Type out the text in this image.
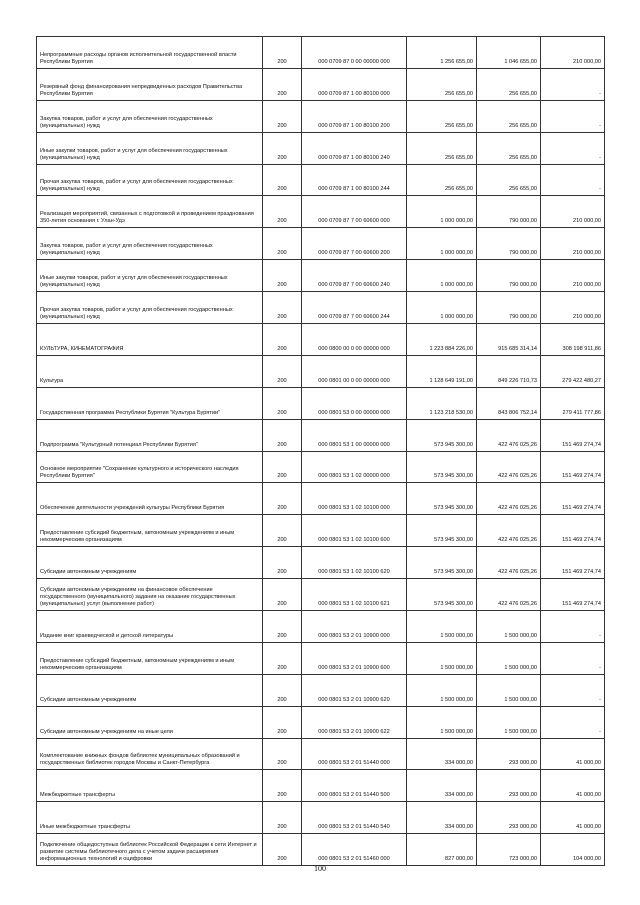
Непрограммные расходы органов исполнительной государственной власти Республики Бурятия	200	000 0709 87 0 00 00000 000	1 256 655,00	1 046 655,00	210 000,00
Резервный фонд финансирования непредвиденных расходов Правительства Республики Бурятия	200	000 0709 87 1 00 80100 000	256 655,00	256 655,00	-
Закупка товаров, работ и услуг для обеспечения государственных (муниципальных) нужд	200	000 0709 87 1 00 80100 200	256 655,00	256 655,00	-
Иные закупки товаров, работ и услуг для обеспечения государственных (муниципальных) нужд	200	000 0709 87 1 00 80100 240	256 655,00	256 655,00	-
Прочая закупка товаров, работ и услуг для обеспечения государственных (муниципальных) нужд	200	000 0709 87 1 00 80100 244	256 655,00	256 655,00	-
Реализация мероприятий, связанных с подготовкой и проведением празднования 350-летия основания г. Улан-Удэ	200	000 0709 87 7 00 60600 000	1 000 000,00	790 000,00	210 000,00
Закупка товаров, работ и услуг для обеспечения государственных (муниципальных) нужд	200	000 0709 87 7 00 60600 200	1 000 000,00	790 000,00	210 000,00
Иные закупки товаров, работ и услуг для обеспечения государственных (муниципальных) нужд	200	000 0709 87 7 00 60600 240	1 000 000,00	790 000,00	210 000,00
Прочая закупка товаров, работ и услуг для обеспечения государственных (муниципальных) нужд	200	000 0709 87 7 00 60600 244	1 000 000,00	790 000,00	210 000,00
КУЛЬТУРА, КИНЕМАТОГРАФИЯ	200	000 0800 00 0 00 00000 000	1 223 884 226,00	915 685 314,14	308 198 911,86
Культура	200	000 0801 00 0 00 00000 000	1 128 649 191,00	849 226 710,73	279 422 480,27
Государственная программа Республики Бурятия "Культура Бурятии"	200	000 0801 53 0 00 00000 000	1 123 218 530,00	843 806 752,14	279 411 777,86
Подпрограмма "Культурный потенциал Республики Бурятия"	200	000 0801 53 1 00 00000 000	573 945 300,00	422 476 025,26	151 469 274,74
Основное мероприятие "Сохранение культурного и исторического наследия Республики Бурятия"	200	000 0801 53 1 02 00000 000	573 945 300,00	422 476 025,26	151 469 274,74
Обеспечение деятельности учреждений культуры Республики Бурятия	200	000 0801 53 1 02 10100 000	573 945 300,00	422 476 025,26	151 469 274,74
Предоставление субсидий бюджетным, автономным учреждениям и иным некоммерческим организациям	200	000 0801 53 1 02 10100 600	573 945 300,00	422 476 025,26	151 469 274,74
Субсидии автономным учреждениям	200	000 0801 53 1 02 10100 620	573 945 300,00	422 476 025,26	151 469 274,74
Субсидии автономным учреждениям на финансовое обеспечение государственного (муниципального) задания на оказание государственных (муниципальных) услуг (выполнение работ)	200	000 0801 53 1 02 10100 621	573 945 300,00	422 476 025,26	151 469 274,74
Издание книг краеведческой и детской литературы	200	000 0801 53 2 01 10900 000	1 500 000,00	1 500 000,00	-
Предоставление субсидий бюджетным, автономным учреждениям и иным некоммерческим организациям	200	000 0801 53 2 01 10900 600	1 500 000,00	1 500 000,00	-
Субсидии автономным учреждениям	200	000 0801 53 2 01 10900 620	1 500 000,00	1 500 000,00	-
Субсидии автономным учреждениям на иные цели	200	000 0801 53 2 01 10900 622	1 500 000,00	1 500 000,00	-
Комплектование книжных фондов библиотек муниципальных образований и государственных библиотек городов Москвы и Санкт-Петербурга	200	000 0801 53 2 01 51440 000	334 000,00	293 000,00	41 000,00
Межбюджетные трансферты	200	000 0801 53 2 01 51440 500	334 000,00	293 000,00	41 000,00
Иные межбюджетные трансферты	200	000 0801 53 2 01 51440 540	334 000,00	293 000,00	41 000,00
Подключение общедоступных библиотек Российской Федерации к сети Интернет и развитие системы библиотечного дела с учетом задачи расширения информационных технологий и оцифровки	200	000 0801 53 2 01 51460 000	827 000,00	723 000,00	104 000,00
100
